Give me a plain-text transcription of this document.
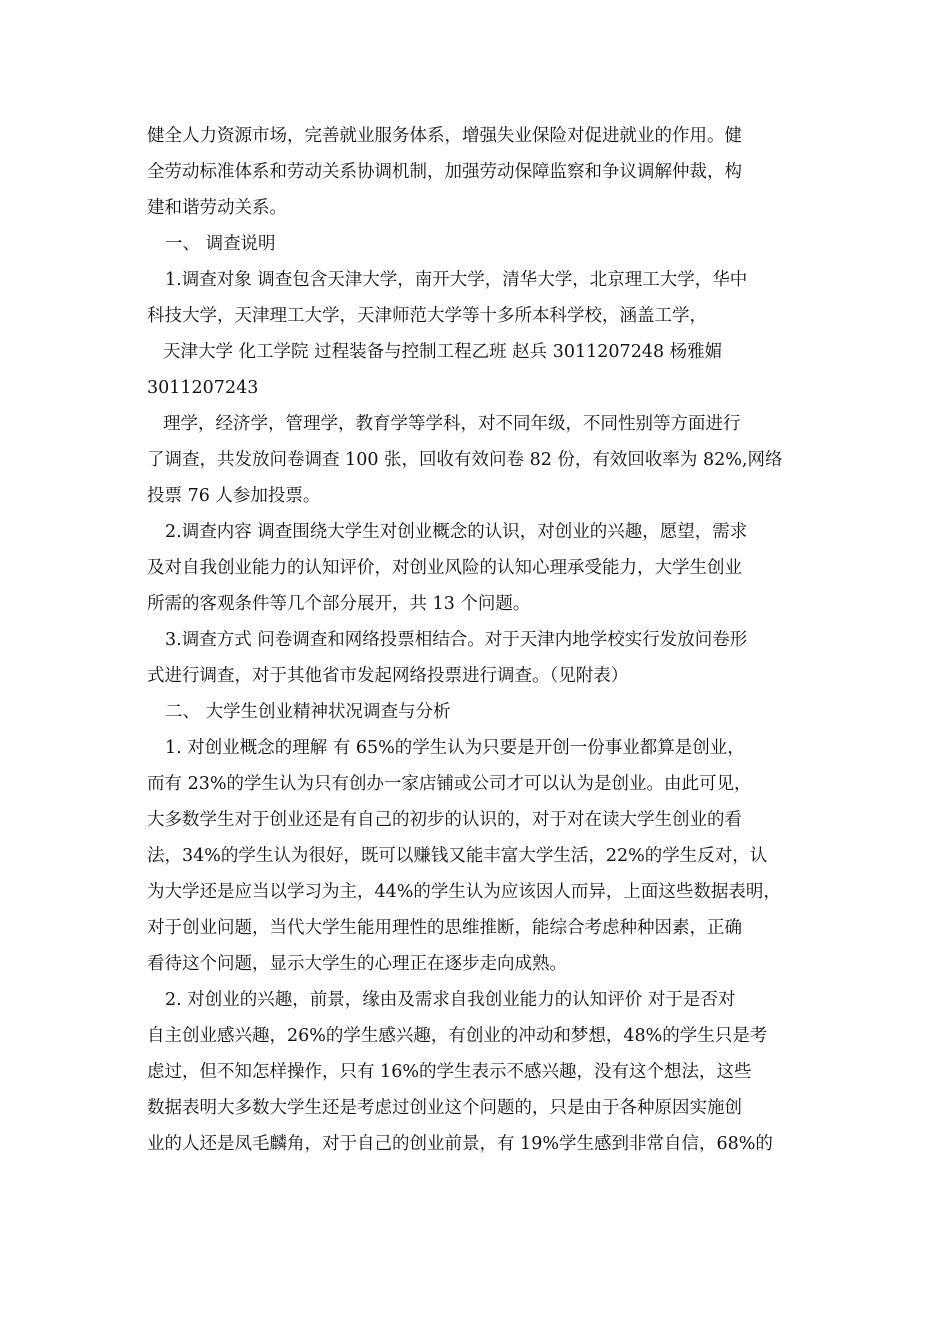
健全人力资源市场，完善就业服务体系，增强失业保险对促进就业的作用。健
全劳动标准体系和劳动关系协调机制，加强劳动保障监察和争议调解仲裁，构
建和谐劳动关系。
一、 调查说明
1.调查对象 调查包含天津大学，南开大学，清华大学，北京理工大学，华中
科技大学，天津理工大学，天津师范大学等十多所本科学校，涵盖工学，
天津大学 化工学院 过程装备与控制工程乙班 赵兵 3011207248 杨雅媚
3011207243
理学，经济学，管理学，教育学等学科，对不同年级，不同性别等方面进行
了调查，共发放问卷调查 100 张，回收有效问卷 82 份，有效回收率为 82%,网络
投票 76 人参加投票。
2.调查内容 调查围绕大学生对创业概念的认识，对创业的兴趣，愿望，需求
及对自我创业能力的认知评价，对创业风险的认知心理承受能力，大学生创业
所需的客观条件等几个部分展开，共 13 个问题。
3.调查方式 问卷调查和网络投票相结合。对于天津内地学校实行发放问卷形
式进行调查，对于其他省市发起网络投票进行调查。（见附表）
二、 大学生创业精神状况调查与分析
1. 对创业概念的理解 有 65%的学生认为只要是开创一份事业都算是创业，
而有 23%的学生认为只有创办一家店铺或公司才可以认为是创业。由此可见，
大多数学生对于创业还是有自己的初步的认识的，对于对在读大学生创业的看
法，34%的学生认为很好，既可以赚钱又能丰富大学生活，22%的学生反对，认
为大学还是应当以学习为主，44%的学生认为应该因人而异，上面这些数据表明，
对于创业问题，当代大学生能用理性的思维推断，能综合考虑种种因素，正确
看待这个问题，显示大学生的心理正在逐步走向成熟。
2. 对创业的兴趣，前景，缘由及需求自我创业能力的认知评价 对于是否对
自主创业感兴趣，26%的学生感兴趣，有创业的冲动和梦想，48%的学生只是考
虑过，但不知怎样操作，只有 16%的学生表示不感兴趣，没有这个想法，这些
数据表明大多数大学生还是考虑过创业这个问题的，只是由于各种原因实施创
业的人还是凤毛麟角，对于自己的创业前景，有 19%学生感到非常自信，68%的
